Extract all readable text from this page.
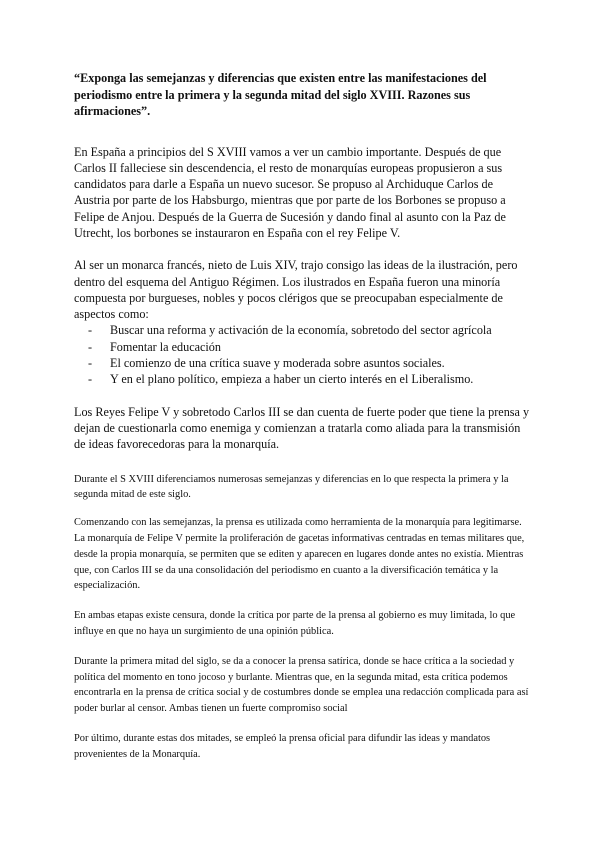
“Exponga las semejanzas y diferencias que existen entre las manifestaciones del periodismo entre la primera y la segunda mitad del siglo XVIII. Razones sus afirmaciones”.

En España a principios del S XVIII vamos a ver un cambio importante. Después de que Carlos II falleciese sin descendencia, el resto de monarquías europeas propusieron a sus candidatos para darle a España un nuevo sucesor. Se propuso al Archiduque Carlos de Austria por parte de los Habsburgo, mientras que por parte de los Borbones se propuso a Felipe de Anjou. Después de la Guerra de Sucesión y dando final al asunto con la Paz de Utrecht, los borbones se instauraron en España con el rey Felipe V.

Al ser un monarca francés, nieto de Luis XIV, trajo consigo las ideas de la ilustración, pero dentro del esquema del Antiguo Régimen. Los ilustrados en España fueron una minoría compuesta por burgueses, nobles y pocos clérigos que se preocupaban especialmente de aspectos como:

- Buscar una reforma y activación de la economía, sobretodo del sector agrícola
- Fomentar la educación
- El comienzo de una crítica suave y moderada sobre asuntos sociales.
- Y en el plano político, empieza a haber un cierto interés en el Liberalismo.

Los Reyes Felipe V y sobretodo Carlos III se dan cuenta de fuerte poder que tiene la prensa y dejan de cuestionarla como enemiga y comienzan a tratarla como aliada para la transmisión de ideas favorecedoras para la monarquía.

Durante el S XVIII diferenciamos numerosas semejanzas y diferencias en lo que respecta la primera y la segunda mitad de este siglo.

Comenzando con las semejanzas, la prensa es utilizada como herramienta de la monarquía para legitimarse. La monarquía de Felipe V permite la proliferación de gacetas informativas centradas en temas militares que, desde la propia monarquía, se permiten que se editen y aparecen en lugares donde antes no existía. Mientras que, con Carlos III se da una consolidación del periodismo en cuanto a la diversificación temática y la especialización.

En ambas etapas existe censura, donde la crítica por parte de la prensa al gobierno es muy limitada, lo que influye en que no haya un surgimiento de una opinión pública.

Durante la primera mitad del siglo, se da a conocer la prensa satírica, donde se hace crítica a la sociedad y política del momento en tono jocoso y burlante. Mientras que, en la segunda mitad, esta crítica podemos encontrarla en la prensa de crítica social y de costumbres donde se emplea una redacción complicada para así poder burlar al censor. Ambas tienen un fuerte compromiso social

Por último, durante estas dos mitades, se empleó la prensa oficial para difundir las ideas y mandatos provenientes de la Monarquía.
